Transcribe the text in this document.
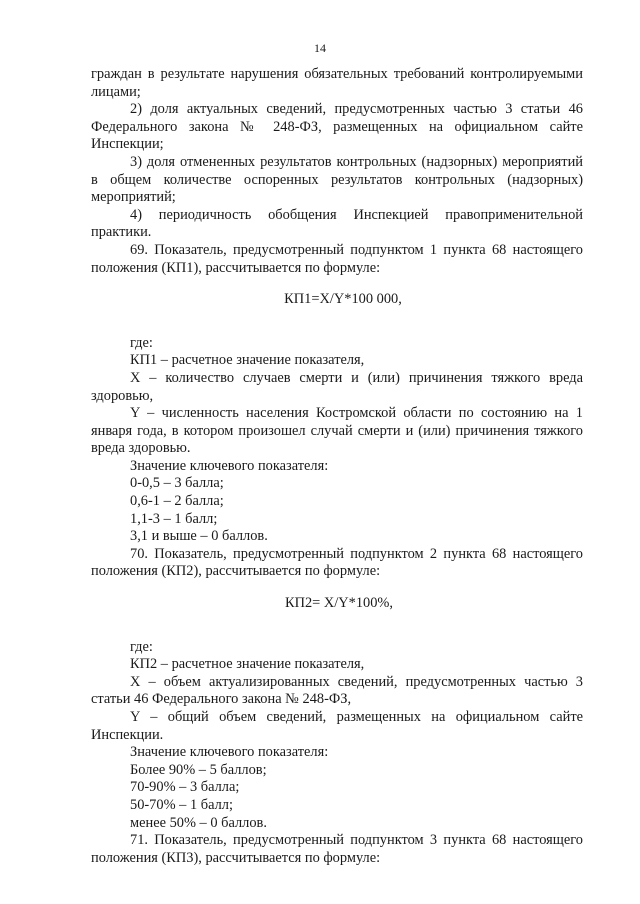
14

граждан в результате нарушения обязательных требований контролируемыми лицами;

2) доля актуальных сведений, предусмотренных частью 3 статьи 46 Федерального закона № 248-ФЗ, размещенных на официальном сайте Инспекции;

3) доля отмененных результатов контрольных (надзорных) мероприятий в общем количестве оспоренных результатов контрольных (надзорных) мероприятий;

4) периодичность обобщения Инспекцией правоприменительной практики.

69. Показатель, предусмотренный подпунктом 1 пункта 68 настоящего положения (КП1), рассчитывается по формуле:

КП1=X/Y*100 000,

где:

КП1 – расчетное значение показателя,

X – количество случаев смерти и (или) причинения тяжкого вреда здоровью,

Y – численность населения Костромской области по состоянию на 1 января года, в котором произошел случай смерти и (или) причинения тяжкого вреда здоровью.

Значение ключевого показателя:

0-0,5 – 3 балла;

0,6-1 – 2 балла;

1,1-3 – 1 балл;

3,1 и выше – 0 баллов.

70. Показатель, предусмотренный подпунктом 2 пункта 68 настоящего положения (КП2), рассчитывается по формуле:

КП2= X/Y*100%,

где:

КП2 – расчетное значение показателя,

X – объем актуализированных сведений, предусмотренных частью 3 статьи 46 Федерального закона № 248-ФЗ,

Y – общий объем сведений, размещенных на официальном сайте Инспекции.

Значение ключевого показателя:

Более 90% – 5 баллов;

70-90% – 3 балла;

50-70% – 1 балл;

менее 50% – 0 баллов.

71. Показатель, предусмотренный подпунктом 3 пункта 68 настоящего положения (КП3), рассчитывается по формуле:
